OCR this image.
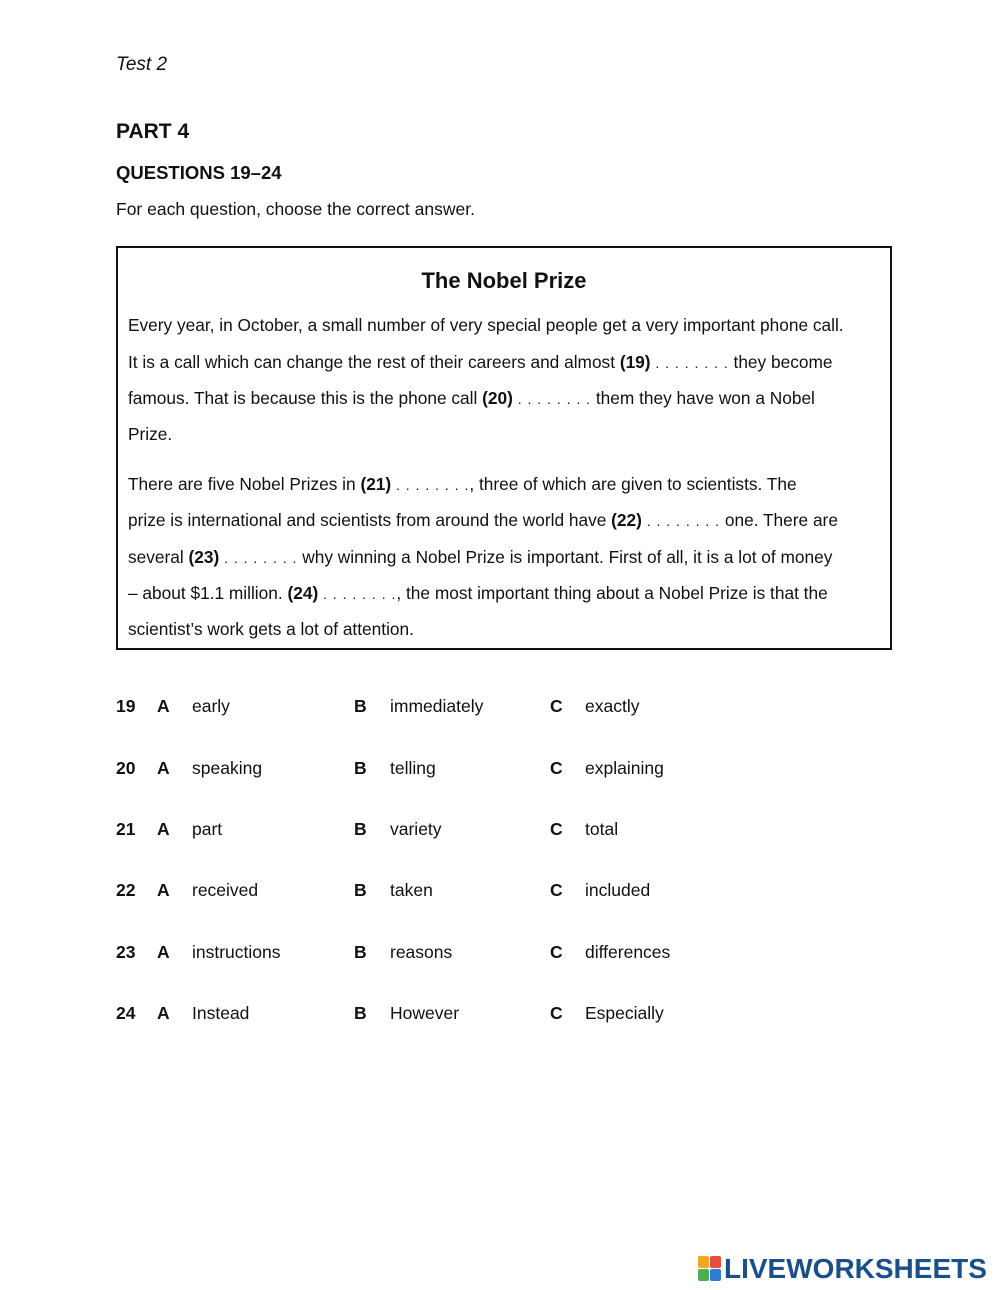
Test 2
PART 4
QUESTIONS 19–24
For each question, choose the correct answer.
The Nobel Prize
Every year, in October, a small number of very special people get a very important phone call.
It is a call which can change the rest of their careers and almost (19) . . . . . . . . they become
famous. That is because this is the phone call (20) . . . . . . . . them they have won a Nobel
Prize.
There are five Nobel Prizes in (21) . . . . . . . ., three of which are given to scientists. The
prize is international and scientists from around the world have (22) . . . . . . . . one. There are
several (23) . . . . . . . . why winning a Nobel Prize is important. First of all, it is a lot of money
– about $1.1 million. (24) . . . . . . . ., the most important thing about a Nobel Prize is that the
scientist’s work gets a lot of attention.
19 A early	B immediately	C exactly
20 A speaking	B telling	C explaining
21 A part	B variety	C total
22 A received	B taken	C included
23 A instructions	B reasons	C differences
24 A Instead	B However	C Especially
LIVEWORKSHEETS
